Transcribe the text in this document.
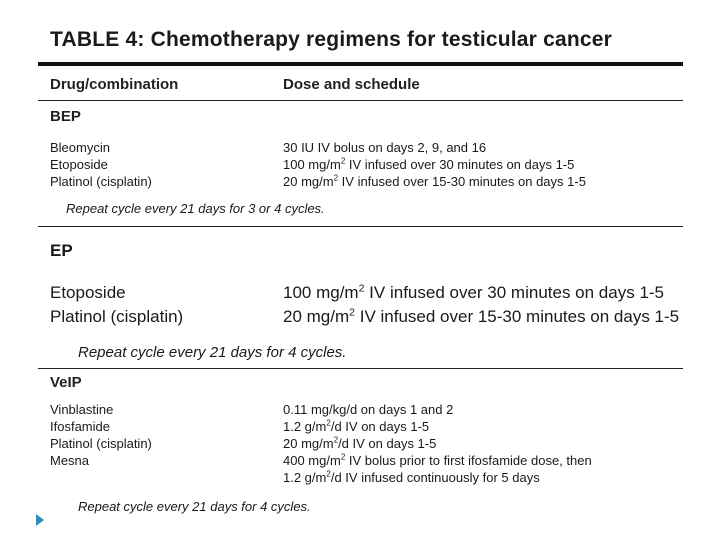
TABLE 4: Chemotherapy regimens for testicular cancer
Drug/combination	Dose and schedule
BEP
Bleomycin	30 IU IV bolus on days 2, 9, and 16
Etoposide	100 $mg/m^2$ IV infused over 30 minutes on days 1-5
Platinol (cisplatin)	20 $mg/m^2$ IV infused over 15-30 minutes on days 1-5
Repeat cycle every 21 days for 3 or 4 cycles.
EP
Etoposide	100 $mg/m^2$ IV infused over 30 minutes on days 1-5
Platinol (cisplatin)	20 $mg/m^2$ IV infused over 15-30 minutes on days 1-5
Repeat cycle every 21 days for 4 cycles.
VeIP
Vinblastine	0.11 mg/kg/d on days 1 and 2
Ifosfamide	1.2 $g/m^2/d$ IV on days 1-5
Platinol (cisplatin)	20 $mg/m^2/d$ IV on days 1-5
Mesna	400 $mg/m^2$ IV bolus prior to first ifosfamide dose, then
1.2 $g/m^2/d$ IV infused continuously for 5 days
Repeat cycle every 21 days for 4 cycles.
